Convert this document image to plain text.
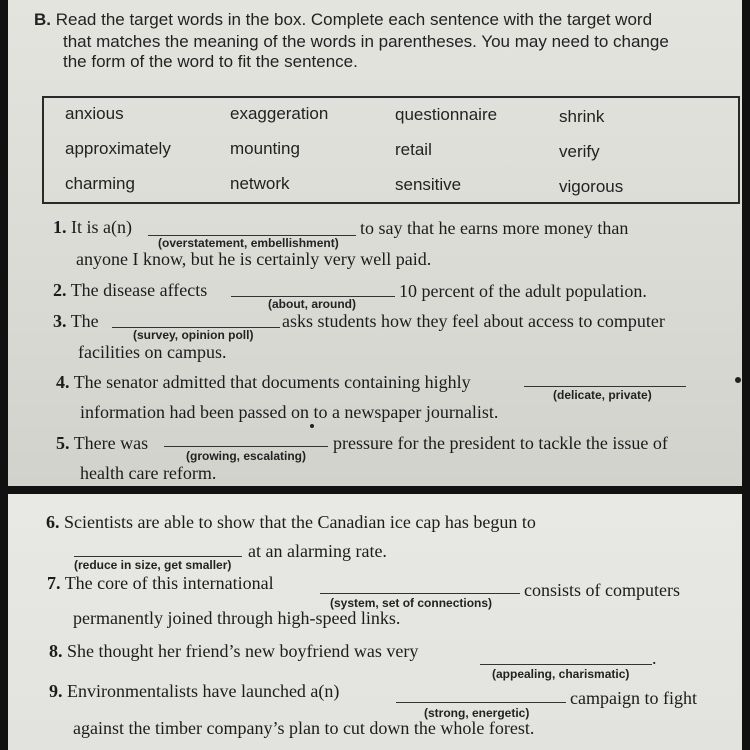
B. Read the target words in the box. Complete each sentence with the target word
that matches the meaning of the words in parentheses. You may need to change
the form of the word to fit the sentence.
anxious	exaggeration	questionnaire	shrink
approximately	mounting	retail	verify
charming	network	sensitive	vigorous
1. It is a(n)
(overstatement, embellishment)
to say that he earns more money than
anyone I know, but he is certainly very well paid.
2. The disease affects
(about, around)
10 percent of the adult population.
3. The
(survey, opinion poll)
asks students how they feel about access to computer
facilities on campus.
4. The senator admitted that documents containing highly
(delicate, private)
information had been passed on to a newspaper journalist.
5. There was
(growing, escalating)
pressure for the president to tackle the issue of
health care reform.
6. Scientists are able to show that the Canadian ice cap has begun to
(reduce in size, get smaller)
at an alarming rate.
7. The core of this international
(system, set of connections)
consists of computers
permanently joined through high-speed links.
8. She thought her friend’s new boyfriend was very	.
(appealing, charismatic)
9. Environmentalists have launched a(n)
(strong, energetic)
campaign to fight
against the timber company’s plan to cut down the whole forest.
